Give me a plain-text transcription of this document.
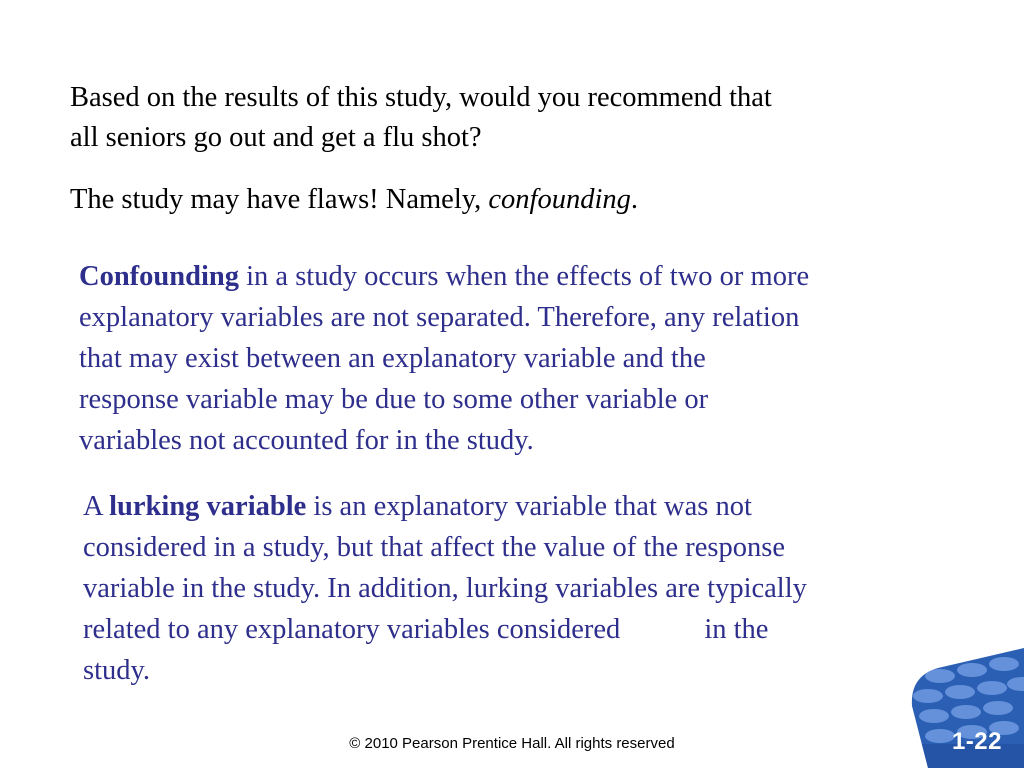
Based on the results of this study, would you recommend that
all seniors go out and get a flu shot?

The study may have flaws! Namely, confounding.

Confounding in a study occurs when the effects of two or more
explanatory variables are not separated. Therefore, any relation
that may exist between an explanatory variable and the
response variable may be due to some other variable or
variables not accounted for in the study.

A lurking variable is an explanatory variable that was not
considered in a study, but that affect the value of the response
variable in the study. In addition, lurking variables are typically
related to any explanatory variables considered	in the
study.

© 2010 Pearson Prentice Hall. All rights reserved	1-22
